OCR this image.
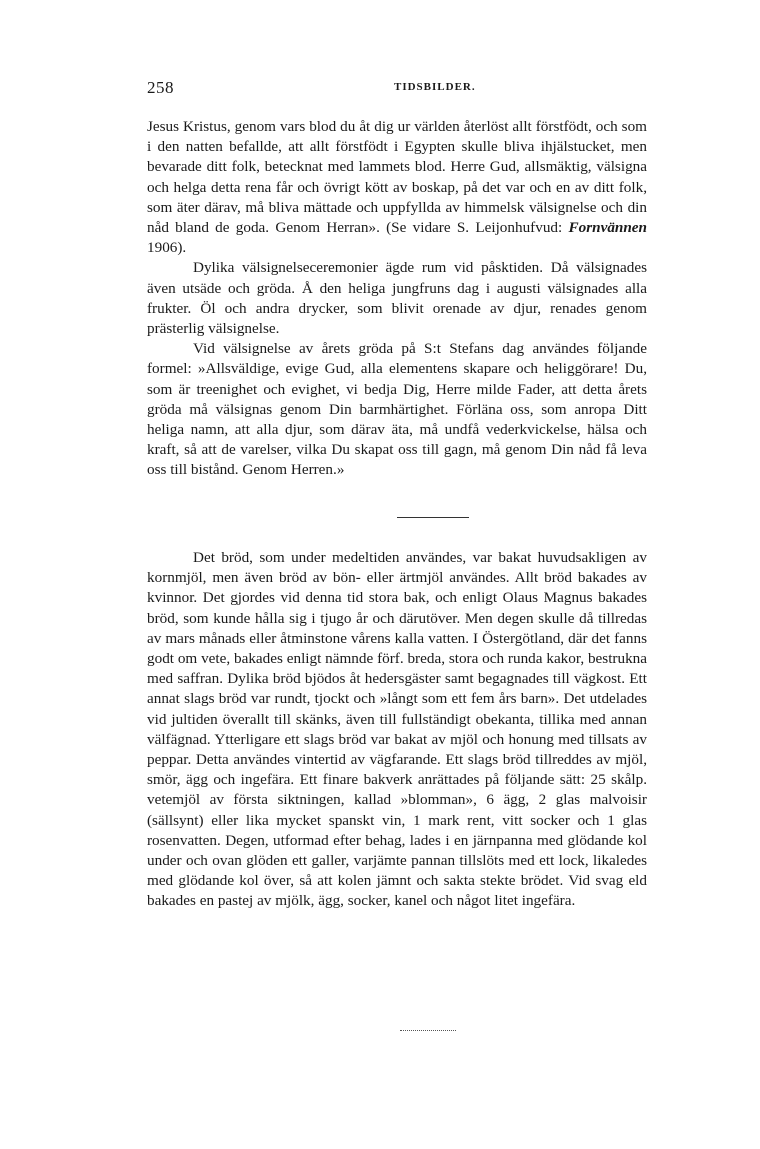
258	TIDSBILDER.

Jesus Kristus, genom vars blod du åt dig ur världen återlöst allt förstfödt, och som i den natten befallde, att allt förstfödt i Egypten skulle bliva ihjälstucket, men bevarade ditt folk, betecknat med lammets blod. Herre Gud, allsmäktig, välsigna och helga detta rena får och övrigt kött av boskap, på det var och en av ditt folk, som äter därav, må bliva mättade och uppfyllda av himmelsk välsignelse och din nåd bland de goda. Genom Herran». (Se vidare S. Leijonhufvud: Fornvännen 1906).

Dylika välsignelseceremonier ägde rum vid påsktiden. Då välsignades även utsäde och gröda. Å den heliga jungfruns dag i augusti välsignades alla frukter. Öl och andra drycker, som blivit orenade av djur, renades genom prästerlig välsignelse.

Vid välsignelse av årets gröda på S:t Stefans dag användes följande formel: »Allsväldige, evige Gud, alla elementens skapare och heliggörare! Du, som är treenighet och evighet, vi bedja Dig, Herre milde Fader, att detta årets gröda må välsignas genom Din barmhärtighet. Förläna oss, som anropa Ditt heliga namn, att alla djur, som därav äta, må undfå vederkvickelse, hälsa och kraft, så att de varelser, vilka Du skapat oss till gagn, må genom Din nåd få leva oss till bistånd. Genom Herren.»

Det bröd, som under medeltiden användes, var bakat huvudsakligen av kornmjöl, men även bröd av bön- eller ärtmjöl användes. Allt bröd bakades av kvinnor. Det gjordes vid denna tid stora bak, och enligt Olaus Magnus bakades bröd, som kunde hålla sig i tjugo år och därutöver. Men degen skulle då tillredas av mars månads eller åtminstone vårens kalla vatten. I Östergötland, där det fanns godt om vete, bakades enligt nämnde förf. breda, stora och runda kakor, bestrukna med saffran. Dylika bröd bjödos åt hedersgäster samt begagnades till vägkost. Ett annat slags bröd var rundt, tjockt och »långt som ett fem års barn». Det utdelades vid jultiden överallt till skänks, även till fullständigt obekanta, tillika med annan välfägnad. Ytterligare ett slags bröd var bakat av mjöl och honung med tillsats av peppar. Detta användes vintertid av vägfarande. Ett slags bröd tillreddes av mjöl, smör, ägg och ingefära. Ett finare bakverk anrättades på följande sätt: 25 skålp. vetemjöl av första siktningen, kallad »blomman», 6 ägg, 2 glas malvoisir (sällsynt) eller lika mycket spanskt vin, 1 mark rent, vitt socker och 1 glas rosenvatten. Degen, utformad efter behag, lades i en järnpanna med glödande kol under och ovan glöden ett galler, varjämte pannan tillslöts med ett lock, likaledes med glödande kol över, så att kolen jämnt och sakta stekte brödet. Vid svag eld bakades en pastej av mjölk, ägg, socker, kanel och något litet ingefära.
